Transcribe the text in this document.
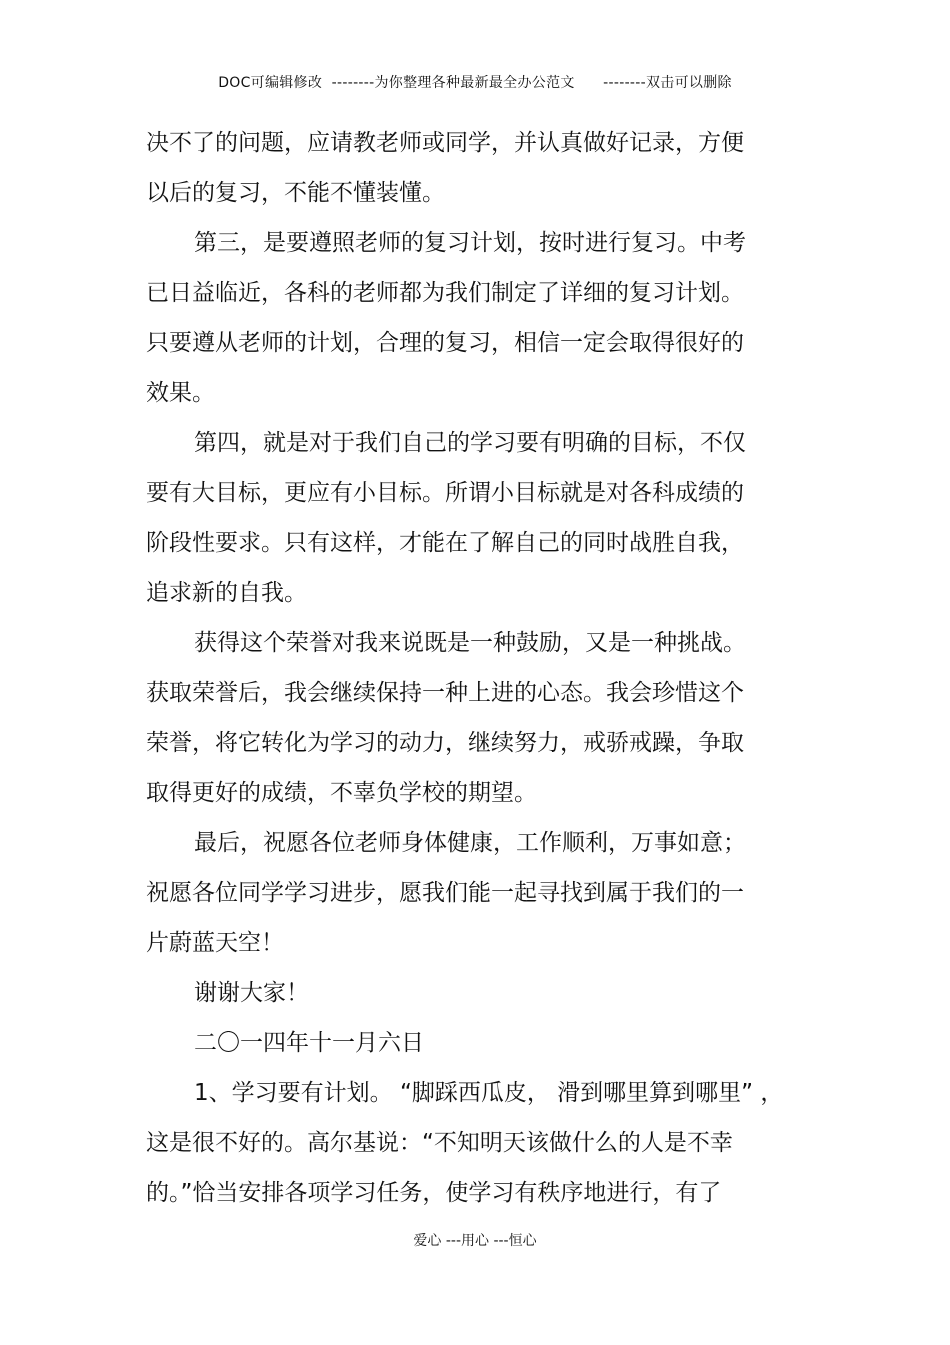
DOC可编辑修改  --------为你整理各种最新最全办公范文      --------双击可以删除
决不了的问题，应请教老师或同学，并认真做好记录，方便
以后的复习，不能不懂装懂。
第三，是要遵照老师的复习计划，按时进行复习。中考
已日益临近，各科的老师都为我们制定了详细的复习计划。
只要遵从老师的计划，合理的复习，相信一定会取得很好的
效果。
第四，就是对于我们自己的学习要有明确的目标，不仅
要有大目标，更应有小目标。所谓小目标就是对各科成绩的
阶段性要求。只有这样，才能在了解自己的同时战胜自我，
追求新的自我。
获得这个荣誉对我来说既是一种鼓励，又是一种挑战。
获取荣誉后，我会继续保持一种上进的心态。我会珍惜这个
荣誉，将它转化为学习的动力，继续努力，戒骄戒躁，争取
取得更好的成绩，不辜负学校的期望。
最后，祝愿各位老师身体健康，工作顺利，万事如意；
祝愿各位同学学习进步，愿我们能一起寻找到属于我们的一
片蔚蓝天空！
谢谢大家！
二〇一四年十一月六日
1、学习要有计划。 “脚踩西瓜皮， 滑到哪里算到哪里” ，
这是很不好的。高尔基说：“不知明天该做什么的人是不幸
的。”恰当安排各项学习任务，使学习有秩序地进行，有了
爱心 ---用心 ---恒心
